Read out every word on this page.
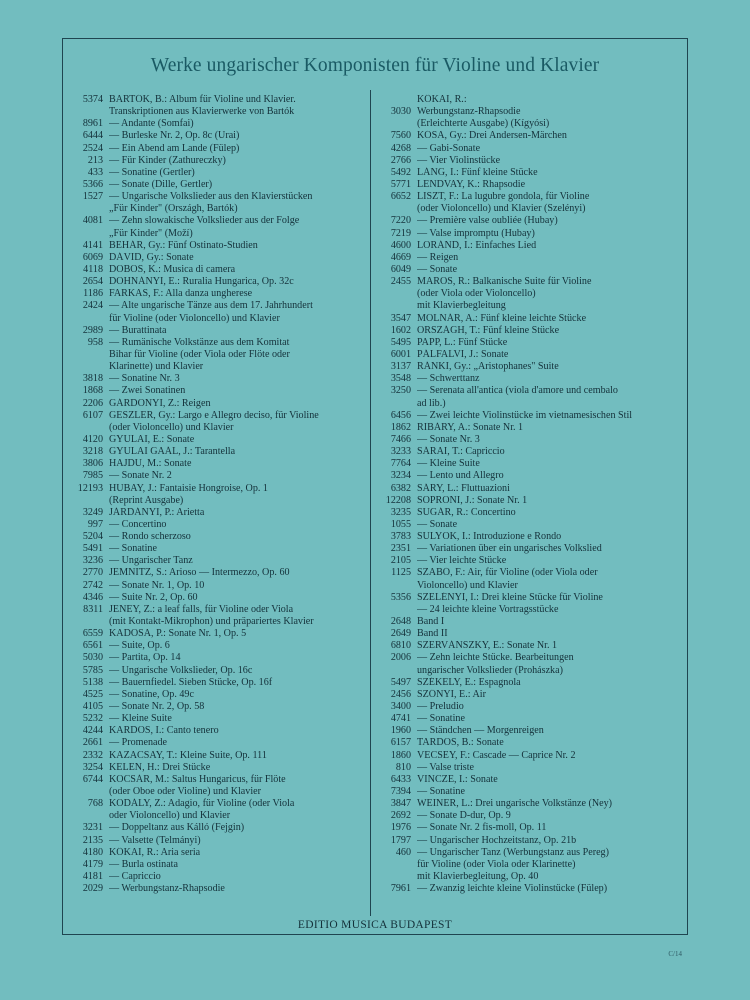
Werke ungarischer Komponisten für Violine und Klavier
5374 BARTÓK, B.: Album für Violine und Klavier.
Transkriptionen aus Klavierwerke von Bartók
8961 — Andante (Somfai)
6444 — Burleske Nr. 2, Op. 8c (Urai)
2524 — Ein Abend am Lande (Fülep)
213 — Für Kinder (Zathureczky)
433 — Sonatine (Gertler)
5366 — Sonate (Dille, Gertler)
1527 — Ungarische Volkslieder aus den Klavierstücken
„Für Kinder" (Országh, Bartók)
4081 — Zehn slowakische Volkslieder aus der Folge
„Für Kinder" (Moží)
4141 BEHÁR, Gy.: Fünf Ostinato-Studien
6069 DÁVID, Gy.: Sonate
4118 DOBOS, K.: Musica di camera
2654 DOHNÁNYI, E.: Ruralia Hungarica, Op. 32c
1186 FARKAS, F.: Alla danza ungherese
2424 — Alte ungarische Tänze aus dem 17. Jahrhundert
für Violine (oder Violoncello) und Klavier
2989 — Burattinata
958 — Rumänische Volkstänze aus dem Komitat
Bihar für Violine (oder Viola oder Flöte oder
Klarinette) und Klavier
3818 — Sonatine Nr. 3
1868 — Zwei Sonatinen
2206 GÁRDONYI, Z.: Reigen
6107 GESZLER, Gy.: Largo e Allegro deciso, für Violine
(oder Violoncello) und Klavier
4120 GYULAI, E.: Sonate
3218 GYULAI GAÁL, J.: Tarantella
3806 HAJDU, M.: Sonate
7985 — Sonate Nr. 2
12193 HUBAY, J.: Fantaisie Hongroise, Op. 1
(Reprint Ausgabe)
3249 JÁRDÁNYI, P.: Arietta
997 — Concertino
5204 — Rondo scherzoso
5491 — Sonatine
3236 — Ungarischer Tanz
2770 JEMNITZ, S.: Arioso — Intermezzo, Op. 60
2742 — Sonate Nr. 1, Op. 10
4346 — Suite Nr. 2, Op. 60
8311 JENEY, Z.: a leaf falls, für Violine oder Viola
(mit Kontakt-Mikrophon) und präpariertes Klavier
6559 KADOSA, P.: Sonate Nr. 1, Op. 5
6561 — Suite, Op. 6
5030 — Partita, Op. 14
5785 — Ungarische Volkslieder, Op. 16c
5138 — Bauernfiedel. Sieben Stücke, Op. 16f
4525 — Sonatine, Op. 49c
4105 — Sonate Nr. 2, Op. 58
5232 — Kleine Suite
4244 KARDOS, I.: Canto tenero
2661 — Promenade
2332 KAZACSAY, T.: Kleine Suite, Op. 111
3254 KELEN, H.: Drei Stücke
6744 KOCSÁR, M.: Saltus Hungaricus, für Flöte
(oder Oboe oder Violine) und Klavier
768 KODÁLY, Z.: Adagio, für Violine (oder Viola
oder Violoncello) und Klavier
3231 — Doppeltanz aus Kálló (Fejgin)
2135 — Valsette (Telmányi)
4180 KŐKAI, R.: Aria seria
4179 — Burla ostinata
4181 — Capriccio
2029 — Werbungstanz-Rhapsodie
KŐKAI, R.:
3030 Werbungstanz-Rhapsodie
(Erleichterte Ausgabe) (Kígyósi)
7560 KÓSA, Gy.: Drei Andersen-Märchen
4268 — Gabi-Sonate
2766 — Vier Violinstücke
5492 LÁNG, I.: Fünf kleine Stücke
5771 LENDVAY, K.: Rhapsodie
6652 LISZT, F.: La lugubre gondola, für Violine
(oder Violoncello) und Klavier (Szelényi)
7220 — Première valse oubliée (Hubay)
7219 — Valse impromptu (Hubay)
4600 LORÁND, I.: Einfaches Lied
4669 — Reigen
6049 — Sonate
2455 MAROS, R.: Balkanische Suite für Violine
(oder Viola oder Violoncello)
mit Klavierbegleitung
3547 MOLNÁR, A.: Fünf kleine leichte Stücke
1602 ORSZÁGH, T.: Fünf kleine Stücke
5495 PAPP, L.: Fünf Stücke
6001 PÁLFALVI, J.: Sonate
3137 RÁNKI, Gy.: „Aristophanes" Suite
3548 — Schwerttanz
3250 — Serenata all'antica (viola d'amore und cembalo
ad lib.)
6456 — Zwei leichte Violinstücke im vietnamesischen Stil
1862 RIBÁRY, A.: Sonate Nr. 1
7466 — Sonate Nr. 3
3233 SÁRAI, T.: Capriccio
7764 — Kleine Suite
3234 — Lento und Allegro
6382 SÁRY, L.: Fluttuazioni
12208 SOPRONI, J.: Sonate Nr. 1
3235 SUGÁR, R.: Concertino
1055 — Sonate
3783 SULYOK, I.: Introduzione e Rondo
2351 — Variationen über ein ungarisches Volkslied
2105 — Vier leichte Stücke
1125 SZABÓ, F.: Air, für Violine (oder Viola oder
Violoncello) und Klavier
5356 SZELÉNYI, I.: Drei kleine Stücke für Violine
— 24 leichte kleine Vortragsstücke
2648 Band I
2649 Band II
6810 SZERVÁNSZKY, E.: Sonate Nr. 1
2006 — Zehn leichte Stücke. Bearbeitungen
ungarischer Volkslieder (Prohászka)
5497 SZÉKELY, E.: Espagnola
2456 SZŐNYI, E.: Air
3400 — Preludio
4741 — Sonatine
1960 — Ständchen — Morgenreigen
6157 TARDOS, B.: Sonate
1860 VECSEY, F.: Cascade — Caprice Nr. 2
810 — Valse triste
6433 VINCZE, I.: Sonate
7394 — Sonatine
3847 WEINER, L.: Drei ungarische Volkstänze (Ney)
2692 — Sonate D-dur, Op. 9
1976 — Sonate Nr. 2 fis-moll, Op. 11
1797 — Ungarischer Hochzeitstanz, Op. 21b
460 — Ungarischer Tanz (Werbungstanz aus Pereg)
für Violine (oder Viola oder Klarinette)
mit Klavierbegleitung, Op. 40
7961 — Zwanzig leichte kleine Violinstücke (Fülep)
EDITIO MUSICA BUDAPEST
C/14
